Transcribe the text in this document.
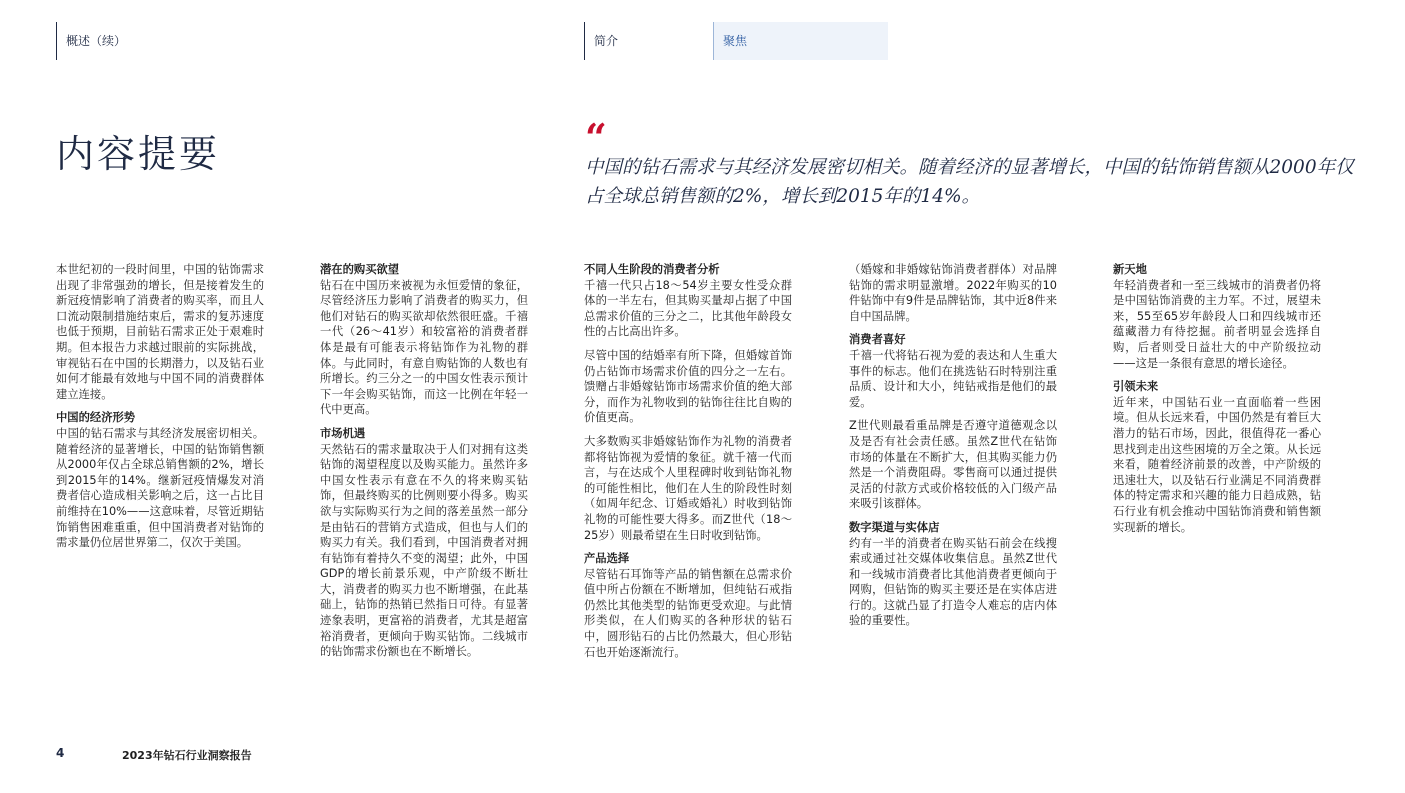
概述（续）	简介	聚焦
内容提要	“

中国的钻石需求与其经济发展密切相关。随着经济的显著增长，中国的钻饰销售额从2000年仅占全球总销售额的2%，增长到2015年的14%。

本世纪初的一段时间里，中国的钻饰需求出现了非常强劲的增长，但是接着发生的新冠疫情影响了消费者的购买率，而且人口流动限制措施结束后，需求的复苏速度也低于预期，目前钻石需求正处于艰难时期。但本报告力求越过眼前的实际挑战，审视钻石在中国的长期潜力，以及钻石业如何才能最有效地与中国不同的消费群体建立连接。

中国的经济形势

中国的钻石需求与其经济发展密切相关。随着经济的显著增长，中国的钻饰销售额从2000年仅占全球总销售额的2%，增长到2015年的14%。继新冠疫情爆发对消费者信心造成相关影响之后，这一占比目前维持在10%——这意味着，尽管近期钻饰销售困难重重，但中国消费者对钻饰的需求量仍位居世界第二，仅次于美国。

潜在的购买欲望

钻石在中国历来被视为永恒爱情的象征，尽管经济压力影响了消费者的购买力，但他们对钻石的购买欲却依然很旺盛。千禧一代（26～41岁）和较富裕的消费者群体是最有可能表示将钻饰作为礼物的群体。与此同时，有意自购钻饰的人数也有所增长。约三分之一的中国女性表示预计下一年会购买钻饰，而这一比例在年轻一代中更高。

市场机遇

天然钻石的需求量取决于人们对拥有这类钻饰的渴望程度以及购买能力。虽然许多中国女性表示有意在不久的将来购买钻饰，但最终购买的比例则要小得多。购买欲与实际购买行为之间的落差虽然一部分是由钻石的营销方式造成，但也与人们的购买力有关。我们看到，中国消费者对拥有钻饰有着持久不变的渴望；此外，中国GDP的增长前景乐观，中产阶级不断壮大，消费者的购买力也不断增强，在此基础上，钻饰的热销已然指日可待。有显著迹象表明，更富裕的消费者，尤其是超富裕消费者，更倾向于购买钻饰。二线城市的钻饰需求份额也在不断增长。

不同人生阶段的消费者分析

千禧一代只占18～54岁主要女性受众群体的一半左右，但其购买量却占据了中国总需求价值的三分之二，比其他年龄段女性的占比高出许多。

尽管中国的结婚率有所下降，但婚嫁首饰仍占钻饰市场需求价值的四分之一左右。馈赠占非婚嫁钻饰市场需求价值的绝大部分，而作为礼物收到的钻饰往往比自购的价值更高。

大多数购买非婚嫁钻饰作为礼物的消费者都将钻饰视为爱情的象征。就千禧一代而言，与在达成个人里程碑时收到钻饰礼物的可能性相比，他们在人生的阶段性时刻（如周年纪念、订婚或婚礼）时收到钻饰礼物的可能性要大得多。而Z世代（18～25岁）则最希望在生日时收到钻饰。

产品选择

尽管钻石耳饰等产品的销售额在总需求价值中所占份额在不断增加，但纯钻石戒指仍然比其他类型的钻饰更受欢迎。与此情形类似，在人们购买的各种形状的钻石中，圆形钻石的占比仍然最大，但心形钻石也开始逐渐流行。

（婚嫁和非婚嫁钻饰消费者群体）对品牌钻饰的需求明显激增。2022年购买的10件钻饰中有9件是品牌钻饰，其中近8件来自中国品牌。

消费者喜好

千禧一代将钻石视为爱的表达和人生重大事件的标志。他们在挑选钻石时特别注重品质、设计和大小，纯钻戒指是他们的最爱。

Z世代则最看重品牌是否遵守道德观念以及是否有社会责任感。虽然Z世代在钻饰市场的体量在不断扩大，但其购买能力仍然是一个消费阻碍。零售商可以通过提供灵活的付款方式或价格较低的入门级产品来吸引该群体。

数字渠道与实体店

约有一半的消费者在购买钻石前会在线搜索或通过社交媒体收集信息。虽然Z世代和一线城市消费者比其他消费者更倾向于网购，但钻饰的购买主要还是在实体店进行的。这就凸显了打造令人难忘的店内体验的重要性。

新天地

年轻消费者和一至三线城市的消费者仍将是中国钻饰消费的主力军。不过，展望未来，55至65岁年龄段人口和四线城市还蕴藏潜力有待挖掘。前者明显会选择自购，后者则受日益壮大的中产阶级拉动——这是一条很有意思的增长途径。

引领未来

近年来，中国钻石业一直面临着一些困境。但从长远来看，中国仍然是有着巨大潜力的钻石市场，因此，很值得花一番心思找到走出这些困境的万全之策。从长远来看，随着经济前景的改善，中产阶级的迅速壮大，以及钻石行业满足不同消费群体的特定需求和兴趣的能力日趋成熟，钻石行业有机会推动中国钻饰消费和销售额实现新的增长。

4	2023年钻石行业洞察报告
